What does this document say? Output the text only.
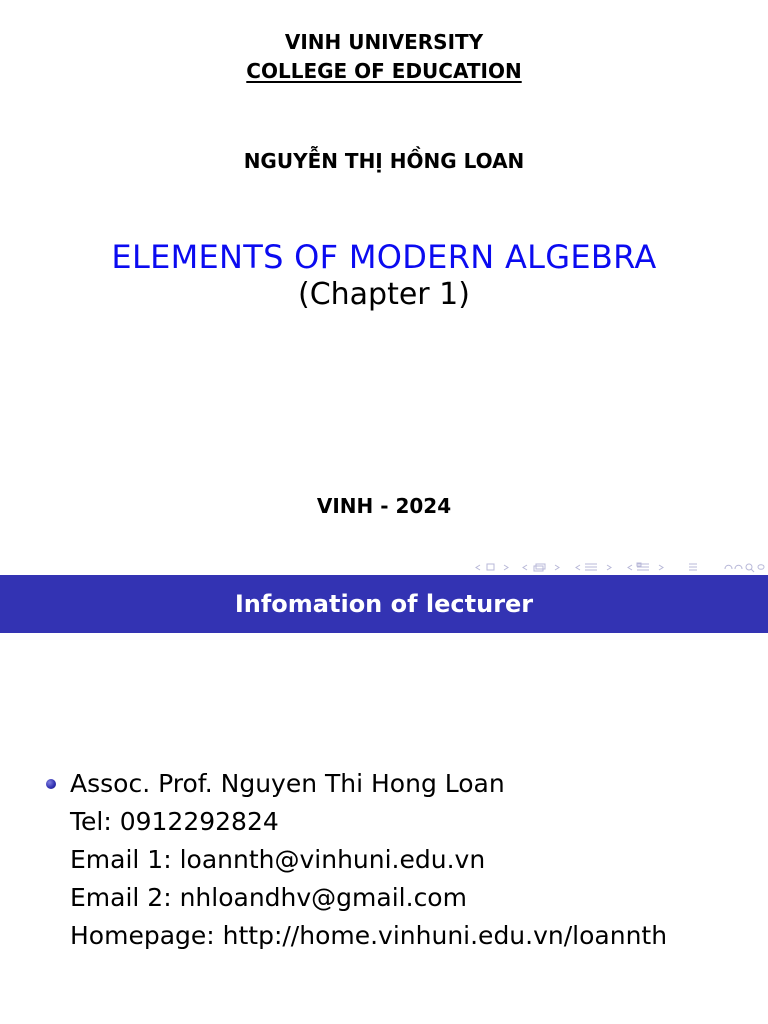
VINH UNIVERSITY
COLLEGE OF EDUCATION
NGUYỄN THỊ HỒNG LOAN
ELEMENTS OF MODERN ALGEBRA
(Chapter 1)
VINH - 2024
Infomation of lecturer
Assoc. Prof. Nguyen Thi Hong Loan
Tel: 0912292824
Email 1: loannth@vinhuni.edu.vn
Email 2: nhloandhv@gmail.com
Homepage: http://home.vinhuni.edu.vn/loannth
